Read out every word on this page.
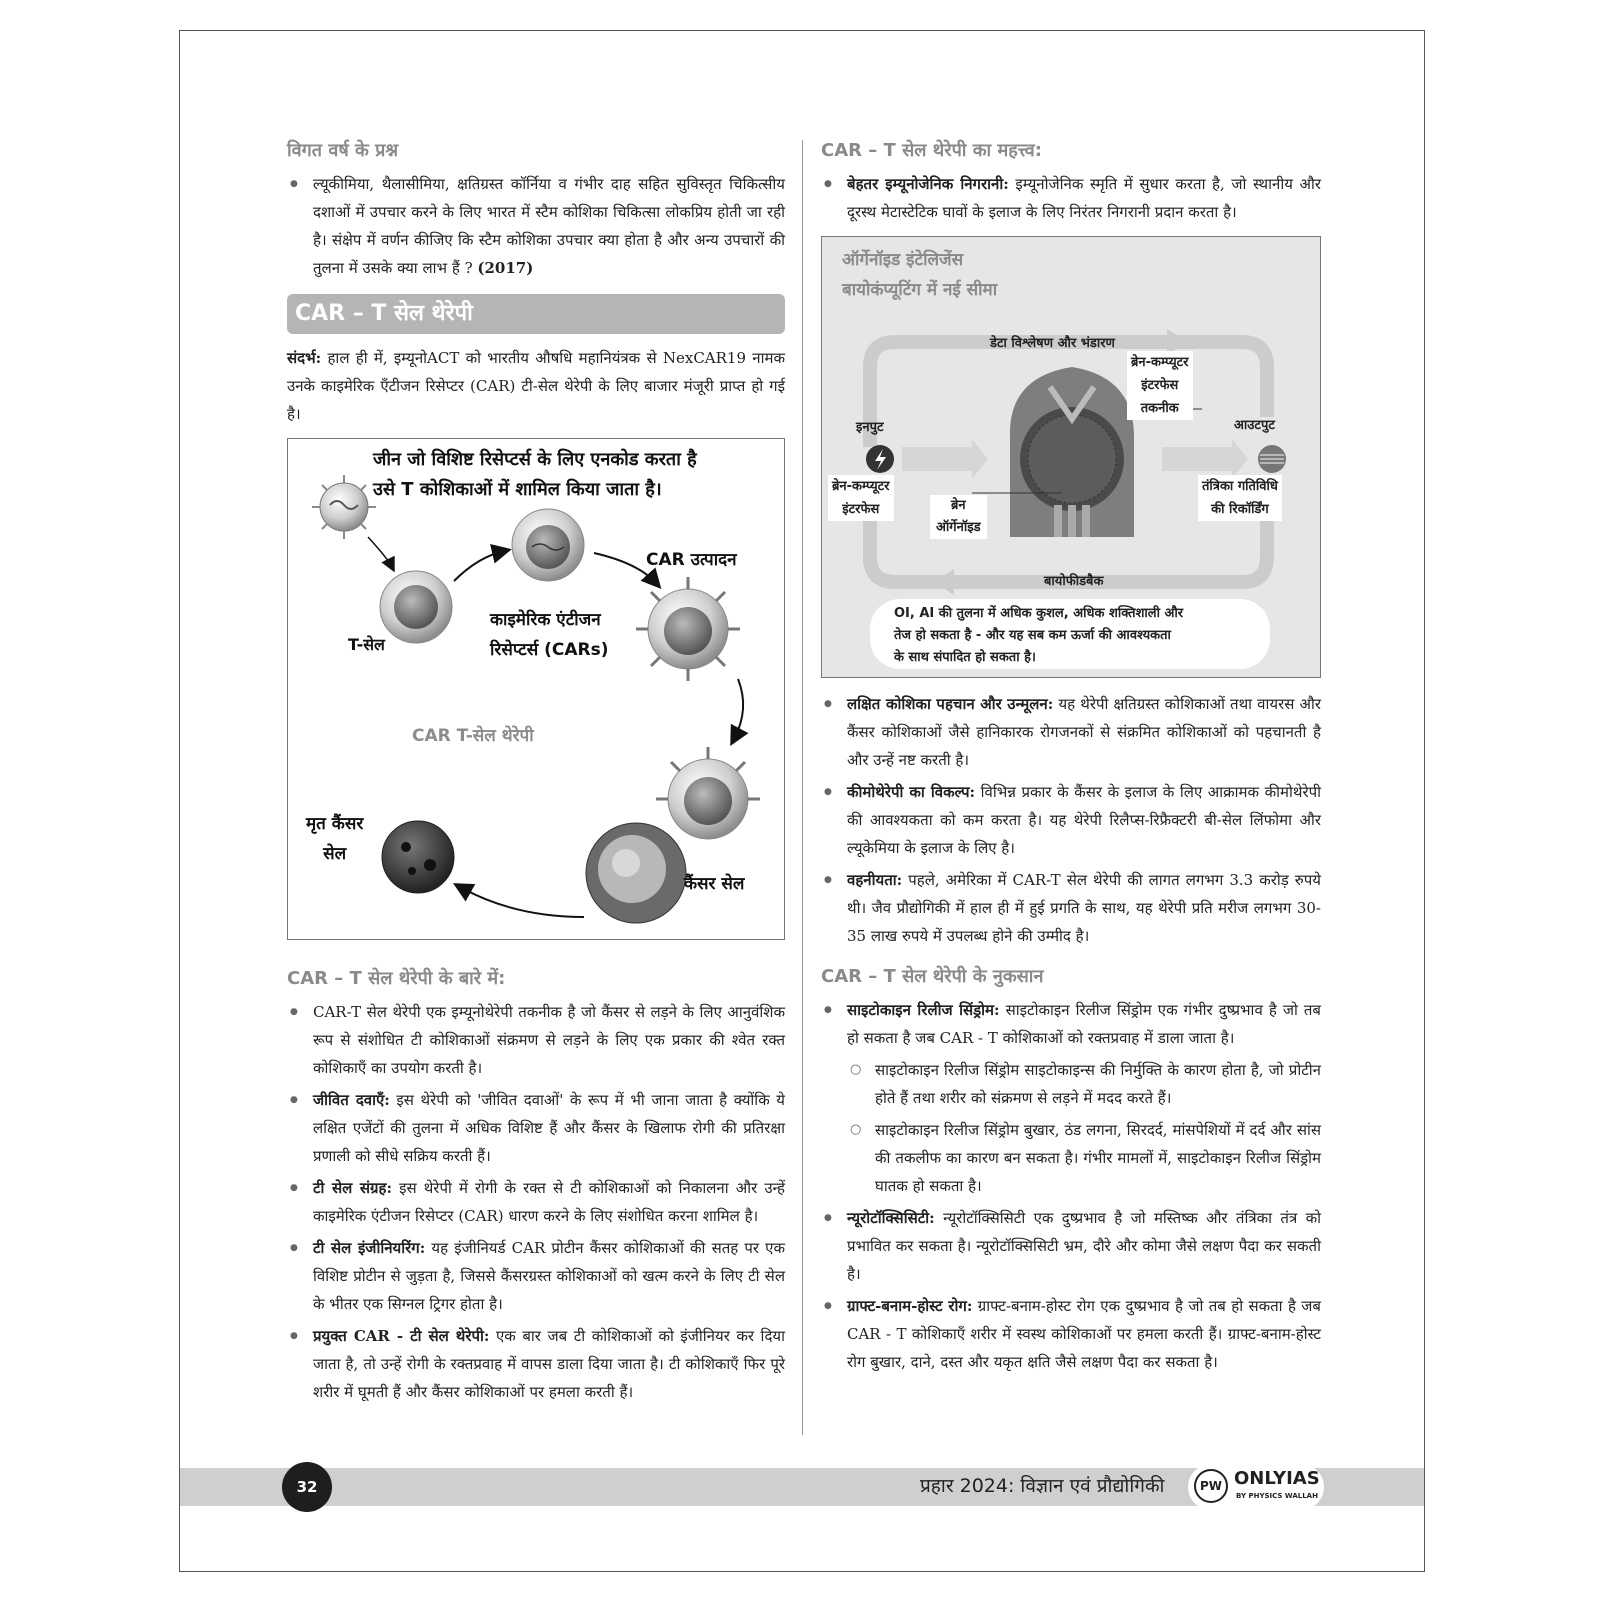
विगत वर्ष के प्रश्न
● ल्यूकीमिया, थैलासीमिया, क्षतिग्रस्त कॉर्निया व गंभीर दाह सहित सुविस्तृत चिकित्सीय दशाओं में उपचार करने के लिए भारत में स्टैम कोशिका चिकित्सा लोकप्रिय होती जा रही है। संक्षेप में वर्णन कीजिए कि स्टैम कोशिका उपचार क्या होता है और अन्य उपचारों की तुलना में उसके क्या लाभ हैं ? (2017)
CAR – T सेल थेरेपी
संदर्भ: हाल ही में, इम्यूनोACT को भारतीय औषधि महानियंत्रक से NexCAR19 नामक उनके काइमेरिक एँटीजन रिसेप्टर (CAR) टी-सेल थेरेपी के लिए बाजार मंजूरी प्राप्त हो गई है।
जीन जो विशिष्ट रिसेप्टर्स के लिए एनकोड करता है
उसे T कोशिकाओं में शामिल किया जाता है।
CAR उत्पादन
T-सेल
काइमेरिक एंटीजन
रिसेप्टर्स (CARs)
CAR T-सेल थेरेपी
मृत कैंसर
सेल
कैंसर सेल
CAR – T सेल थेरेपी के बारे में:
● CAR-T सेल थेरेपी एक इम्यूनोथेरेपी तकनीक है जो कैंसर से लड़ने के लिए आनुवंशिक रूप से संशोधित टी कोशिकाओं संक्रमण से लड़ने के लिए एक प्रकार की श्वेत रक्त कोशिकाएँ का उपयोग करती है।
● जीवित दवाएँ: इस थेरेपी को 'जीवित दवाओं' के रूप में भी जाना जाता है क्योंकि ये लक्षित एजेंटों की तुलना में अधिक विशिष्ट हैं और कैंसर के खिलाफ रोगी की प्रतिरक्षा प्रणाली को सीधे सक्रिय करती हैं।
● टी सेल संग्रह: इस थेरेपी में रोगी के रक्त से टी कोशिकाओं को निकालना और उन्हें काइमेरिक एंटीजन रिसेप्टर (CAR) धारण करने के लिए संशोधित करना शामिल है।
● टी सेल इंजीनियरिंग: यह इंजीनियर्ड CAR प्रोटीन कैंसर कोशिकाओं की सतह पर एक विशिष्ट प्रोटीन से जुड़ता है, जिससे कैंसरग्रस्त कोशिकाओं को खत्म करने के लिए टी सेल के भीतर एक सिग्नल ट्रिगर होता है।
● प्रयुक्त CAR - टी सेल थेरेपी: एक बार जब टी कोशिकाओं को इंजीनियर कर दिया जाता है, तो उन्हें रोगी के रक्तप्रवाह में वापस डाला दिया जाता है। टी कोशिकाएँ फिर पूरे शरीर में घूमती हैं और कैंसर कोशिकाओं पर हमला करती हैं।
CAR – T सेल थेरेपी का महत्त्व:
● बेहतर इम्यूनोजेनिक निगरानी: इम्यूनोजेनिक स्मृति में सुधार करता है, जो स्थानीय और दूरस्थ मेटास्टेटिक घावों के इलाज के लिए निरंतर निगरानी प्रदान करता है।
ऑर्गेनॉइड इंटेलिजेंस
बायोकंप्यूटिंग में नई सीमा
डेटा विश्लेषण और भंडारण
ब्रेन-कम्प्यूटर
इंटरफेस
तकनीक
इनपुट	आउटपुट
ब्रेन-कम्प्यूटर
इंटरफेस	ब्रेन
ऑर्गेनॉइड
तंत्रिका गतिविधि
की रिकॉर्डिंग
बायोफीडबैक
OI, AI की तुलना में अधिक कुशल, अधिक शक्तिशाली और
तेज हो सकता है - और यह सब कम ऊर्जा की आवश्यकता
के साथ संपादित हो सकता है।
● लक्षित कोशिका पहचान और उन्मूलन: यह थेरेपी क्षतिग्रस्त कोशिकाओं तथा वायरस और कैंसर कोशिकाओं जैसे हानिकारक रोगजनकों से संक्रमित कोशिकाओं को पहचानती है और उन्हें नष्ट करती है।
● कीमोथेरेपी का विकल्प: विभिन्न प्रकार के कैंसर के इलाज के लिए आक्रामक कीमोथेरेपी की आवश्यकता को कम करता है। यह थेरेपी रिलैप्स-रिफ्रैक्टरी बी-सेल लिंफोमा और ल्यूकेमिया के इलाज के लिए है।
● वहनीयता: पहले, अमेरिका में CAR-T सेल थेरेपी की लागत लगभग 3.3 करोड़ रुपये थी। जैव प्रौद्योगिकी में हाल ही में हुई प्रगति के साथ, यह थेरेपी प्रति मरीज लगभग 30-35 लाख रुपये में उपलब्ध होने की उम्मीद है।
CAR – T सेल थेरेपी के नुकसान
● साइटोकाइन रिलीज सिंड्रोम: साइटोकाइन रिलीज सिंड्रोम एक गंभीर दुष्प्रभाव है जो तब हो सकता है जब CAR - T कोशिकाओं को रक्तप्रवाह में डाला जाता है।
○ साइटोकाइन रिलीज सिंड्रोम साइटोकाइन्स की निर्मुक्ति के कारण होता है, जो प्रोटीन होते हैं तथा शरीर को संक्रमण से लड़ने में मदद करते हैं।
○ साइटोकाइन रिलीज सिंड्रोम बुखार, ठंड लगना, सिरदर्द, मांसपेशियों में दर्द और सांस की तकलीफ का कारण बन सकता है। गंभीर मामलों में, साइटोकाइन रिलीज सिंड्रोम घातक हो सकता है।
● न्यूरोटॉक्सिसिटी: न्यूरोटॉक्सिसिटी एक दुष्प्रभाव है जो मस्तिष्क और तंत्रिका तंत्र को प्रभावित कर सकता है। न्यूरोटॉक्सिसिटी भ्रम, दौरे और कोमा जैसे लक्षण पैदा कर सकती है।
● ग्राफ्ट-बनाम-होस्ट रोग: ग्राफ्ट-बनाम-होस्ट रोग एक दुष्प्रभाव है जो तब हो सकता है जब CAR - T कोशिकाएँ शरीर में स्वस्थ कोशिकाओं पर हमला करती हैं। ग्राफ्ट-बनाम-होस्ट रोग बुखार, दाने, दस्त और यकृत क्षति जैसे लक्षण पैदा कर सकता है।
32	प्रहार 2024: विज्ञान एवं प्रौद्योगिकी	PW ONLYIAS
BY PHYSICS WALLAH
